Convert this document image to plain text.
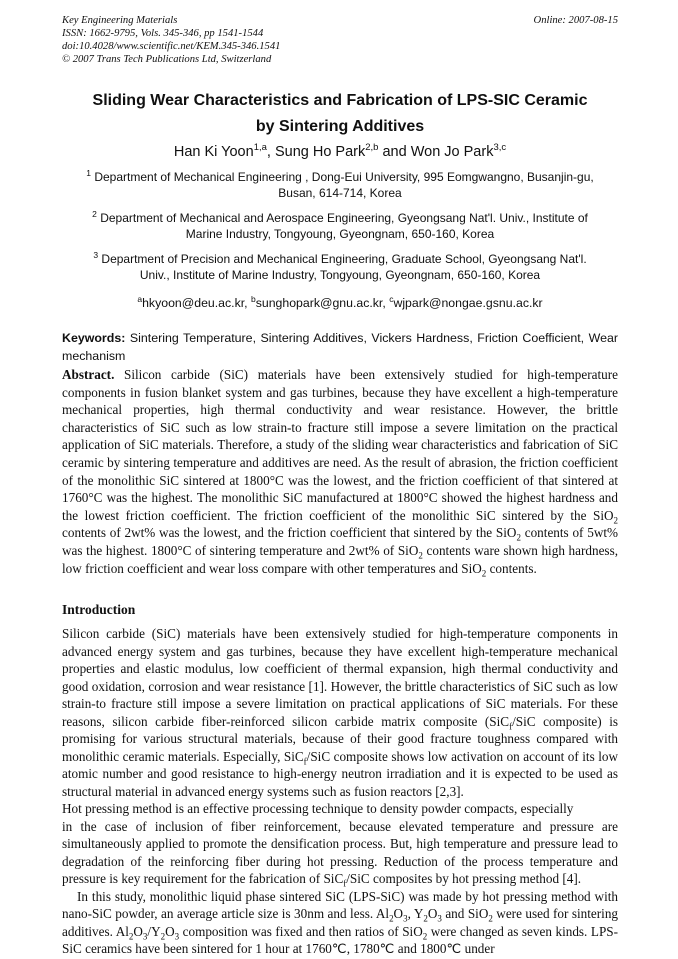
Key Engineering Materials
ISSN: 1662-9795, Vols. 345-346, pp 1541-1544
doi:10.4028/www.scientific.net/KEM.345-346.1541
© 2007 Trans Tech Publications Ltd, Switzerland
Online: 2007-08-15
Sliding Wear Characteristics and Fabrication of LPS-SIC Ceramic
by Sintering Additives
Han Ki Yoon$^{1,a}$, Sung Ho Park$^{2,b}$ and Won Jo Park$^{3,c}$

$^1$ Department of Mechanical Engineering , Dong-Eui University, 995 Eomgwangno, Busanjin-gu, Busan, 614-714, Korea

$^2$ Department of Mechanical and Aerospace Engineering, Gyeongsang Nat'l. Univ., Institute of Marine Industry, Tongyoung, Gyeongnam, 650-160, Korea

$^3$ Department of Precision and Mechanical Engineering, Graduate School, Gyeongsang Nat'l. Univ., Institute of Marine Industry, Tongyoung, Gyeongnam, 650-160, Korea

$^a$hkyoon@deu.ac.kr, $^b$sunghopark@gnu.ac.kr, $^c$wjpark@nongae.gsnu.ac.kr

Keywords: Sintering Temperature, Sintering Additives, Vickers Hardness, Friction Coefficient, Wear mechanism

Abstract. Silicon carbide (SiC) materials have been extensively studied for high-temperature components in fusion blanket system and gas turbines, because they have excellent a high-temperature mechanical properties, high thermal conductivity and wear resistance. However, the brittle characteristics of SiC such as low strain-to fracture still impose a severe limitation on the practical application of SiC materials. Therefore, a study of the sliding wear characteristics and fabrication of SiC ceramic by sintering temperature and additives are need. As the result of abrasion, the friction coefficient of the monolithic SiC sintered at 1800°C was the lowest, and the friction coefficient of that sintered at 1760°C was the highest. The monolithic SiC manufactured at 1800°C showed the highest hardness and the lowest friction coefficient. The friction coefficient of the monolithic SiC sintered by the SiO$_2$ contents of 2wt% was the lowest, and the friction coefficient that sintered by the SiO$_2$ contents of 5wt% was the highest. 1800°C of sintering temperature and 2wt% of SiO$_2$ contents ware shown high hardness, low friction coefficient and wear loss compare with other temperatures and SiO$_2$ contents.

Introduction

Silicon carbide (SiC) materials have been extensively studied for high-temperature components in advanced energy system and gas turbines, because they have excellent high-temperature mechanical properties and elastic modulus, low coefficient of thermal expansion, high thermal conductivity and good oxidation, corrosion and wear resistance [1]. However, the brittle characteristics of SiC such as low strain-to fracture still impose a severe limitation on practical applications of SiC materials. For these reasons, silicon carbide fiber-reinforced silicon carbide matrix composite (SiC$_f$/SiC composite) is promising for various structural materials, because of their good fracture toughness compared with monolithic ceramic materials. Especially, SiC$_f$/SiC composite shows low activation on account of its low atomic number and good resistance to high-energy neutron irradiation and it is expected to be used as structural material in advanced energy systems such as fusion reactors [2,3].
Hot pressing method is an effective processing technique to density powder compacts, especially
in the case of inclusion of fiber reinforcement, because elevated temperature and pressure are simultaneously applied to promote the densification process. But, high temperature and pressure lead to degradation of the reinforcing fiber during hot pressing. Reduction of the process temperature and pressure is key requirement for the fabrication of SiC$_f$/SiC composites by hot pressing method [4].

In this study, monolithic liquid phase sintered SiC (LPS-SiC) was made by hot pressing method with nano-SiC powder, an average article size is 30nm and less. $Al_2O_3$, $Y_2O_3$ and SiO$_2$ were used for sintering additives. $Al_2O_3/Y_2O_3$ composition was fixed and then ratios of SiO$_2$ were changed as seven kinds. LPS-SiC ceramics have been sintered for 1 hour at 1760℃, 1780℃ and 1800℃ under
